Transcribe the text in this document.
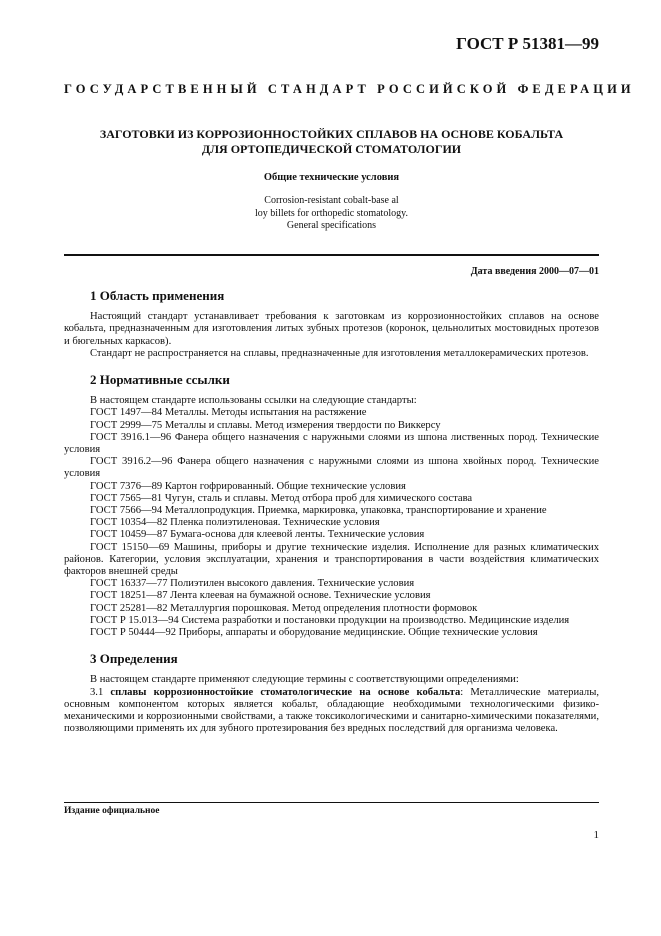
ГОСТ Р 51381—99
ГОСУДАРСТВЕННЫЙ СТАНДАРТ РОССИЙСКОЙ ФЕДЕРАЦИИ
ЗАГОТОВКИ ИЗ КОРРОЗИОННОСТОЙКИХ СПЛАВОВ НА ОСНОВЕ КОБАЛЬТА
ДЛЯ ОРТОПЕДИЧЕСКОЙ СТОМАТОЛОГИИ
Общие технические условия
Corrosion-resistant cobalt-base al
loy billets for orthopedic stomatology.
General specifications
Дата введения 2000—07—01
1 Область применения

Настоящий стандарт устанавливает требования к заготовкам из коррозионностойких сплавов на основе кобальта, предназначенным для изготовления литых зубных протезов (коронок, цельнолитых мостовидных протезов и бюгельных каркасов).

Стандарт не распространяется на сплавы, предназначенные для изготовления металлокерамических протезов.

2 Нормативные ссылки

В настоящем стандарте использованы ссылки на следующие стандарты:

ГОСТ 1497—84 Металлы. Методы испытания на растяжение

ГОСТ 2999—75 Металлы и сплавы. Метод измерения твердости по Виккерсу

ГОСТ 3916.1—96 Фанера общего назначения с наружными слоями из шпона лиственных пород. Технические условия

ГОСТ 3916.2—96 Фанера общего назначения с наружными слоями из шпона хвойных пород. Технические условия

ГОСТ 7376—89 Картон гофрированный. Общие технические условия

ГОСТ 7565—81 Чугун, сталь и сплавы. Метод отбора проб для химического состава

ГОСТ 7566—94 Металлопродукция. Приемка, маркировка, упаковка, транспортирование и хранение

ГОСТ 10354—82 Пленка полиэтиленовая. Технические условия

ГОСТ 10459—87 Бумага-основа для клеевой ленты. Технические условия

ГОСТ 15150—69 Машины, приборы и другие технические изделия. Исполнение для разных климатических районов. Категории, условия эксплуатации, хранения и транспортирования в части воздействия климатических факторов внешней среды

ГОСТ 16337—77 Полиэтилен высокого давления. Технические условия

ГОСТ 18251—87 Лента клеевая на бумажной основе. Технические условия

ГОСТ 25281—82 Металлургия порошковая. Метод определения плотности формовок

ГОСТ Р 15.013—94 Система разработки и постановки продукции на производство. Медицинские изделия

ГОСТ Р 50444—92 Приборы, аппараты и оборудование медицинские. Общие технические условия

3 Определения

В настоящем стандарте применяют следующие термины с соответствующими определениями:

3.1 сплавы коррозионностойкие стоматологические на основе кобальта: Металлические материалы, основным компонентом которых является кобальт, обладающие необходимыми технологическими физико-механическими и коррозионными свойствами, а также токсикологическими и санитарно-химическими показателями, позволяющими применять их для зубного протезирования без вредных последствий для организма человека.

Издание официальное
1
